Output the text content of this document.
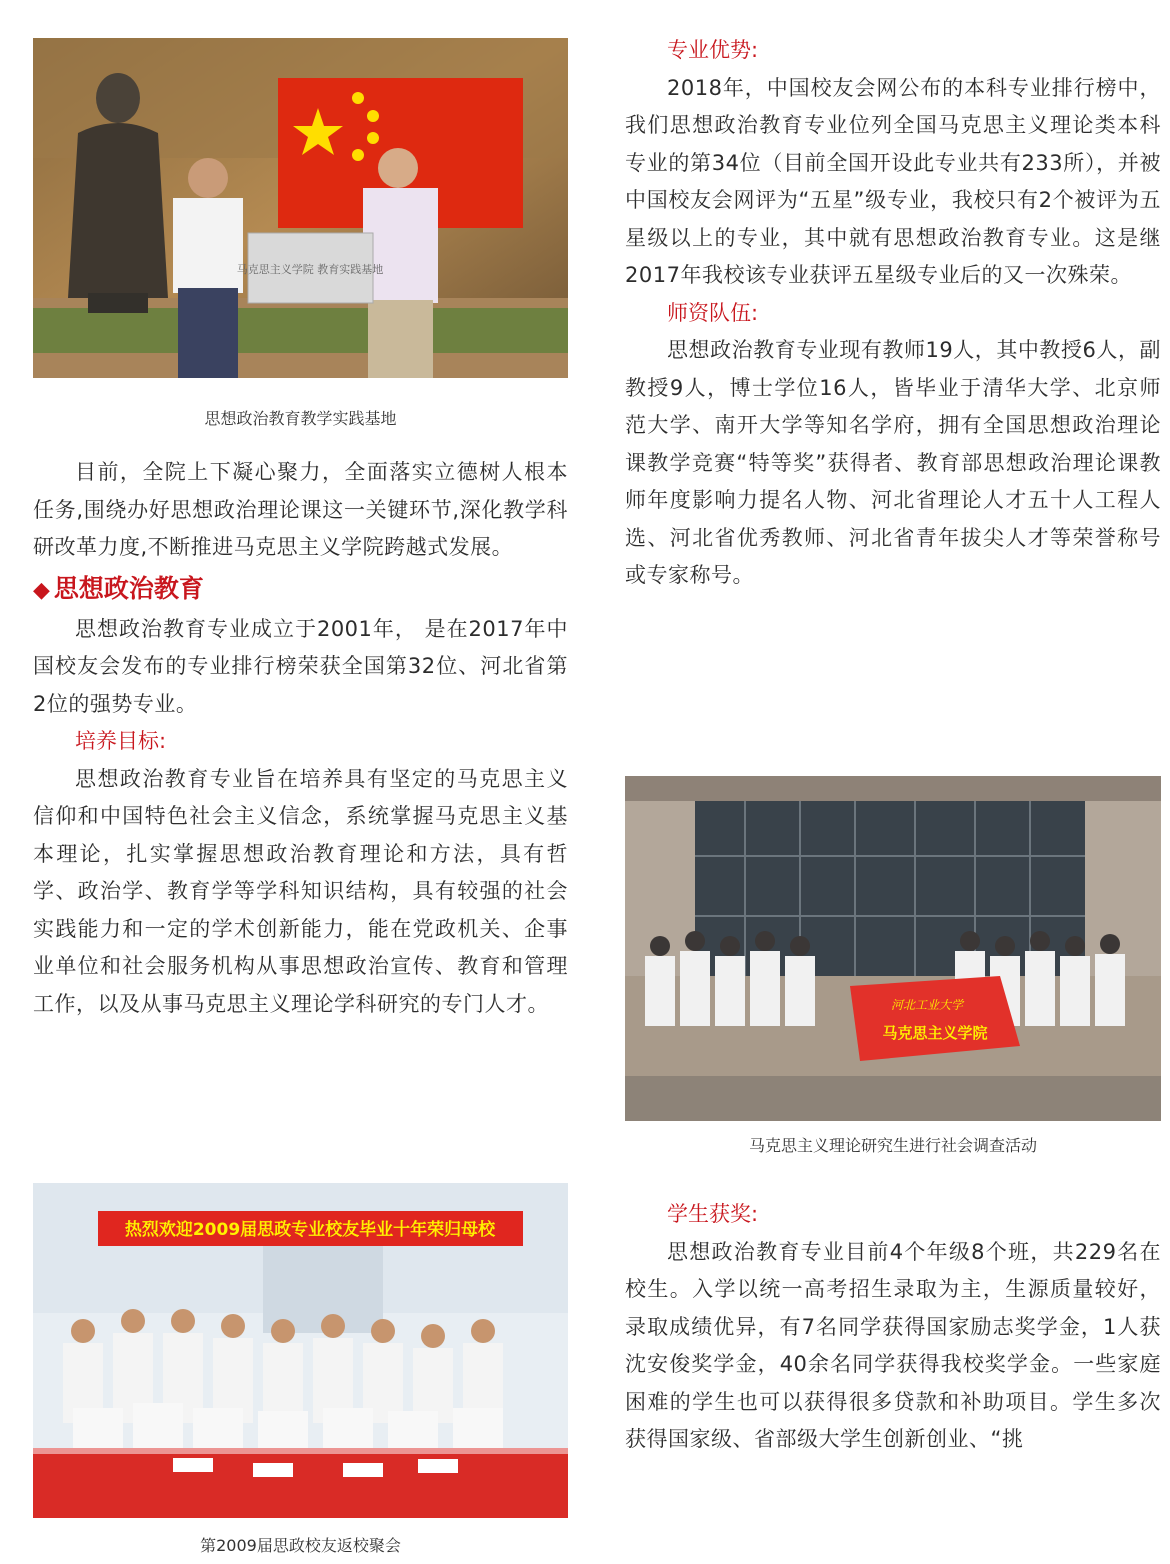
马克思主义学院 教育实践基地
思想政治教育教学实践基地

目前，全院上下凝心聚力，全面落实立德树人根本任务,围绕办好思想政治理论课这一关键环节,深化教学科研改革力度,不断推进马克思主义学院跨越式发展。

◆ 思想政治教育

思想政治教育专业成立于2001年， 是在2017年中国校友会发布的专业排行榜荣获全国第32位、河北省第2位的强势专业。

培养目标:

思想政治教育专业旨在培养具有坚定的马克思主义信仰和中国特色社会主义信念，系统掌握马克思主义基本理论，扎实掌握思想政治教育理论和方法，具有哲学、政治学、教育学等学科知识结构，具有较强的社会实践能力和一定的学术创新能力，能在党政机关、企事业单位和社会服务机构从事思想政治宣传、教育和管理工作，以及从事马克思主义理论学科研究的专门人才。

热烈欢迎2009届思政专业校友毕业十年荣归母校
第2009届思政校友返校聚会

专业优势:

2018年，中国校友会网公布的本科专业排行榜中，我们思想政治教育专业位列全国马克思主义理论类本科专业的第34位（目前全国开设此专业共有233所），并被中国校友会网评为“五星”级专业，我校只有2个被评为五星级以上的专业，其中就有思想政治教育专业。这是继2017年我校该专业获评五星级专业后的又一次殊荣。

师资队伍:

思想政治教育专业现有教师19人，其中教授6人，副教授9人，博士学位16人，皆毕业于清华大学、北京师范大学、南开大学等知名学府，拥有全国思想政治理论课教学竞赛“特等奖”获得者、教育部思想政治理论课教师年度影响力提名人物、河北省理论人才五十人工程人选、河北省优秀教师、河北省青年拔尖人才等荣誉称号或专家称号。

河北工业大学
马克思主义学院
马克思主义理论研究生进行社会调查活动

学生获奖:

思想政治教育专业目前4个年级8个班，共229名在校生。入学以统一高考招生录取为主，生源质量较好，录取成绩优异，有7名同学获得国家励志奖学金，1人获沈安俊奖学金，40余名同学获得我校奖学金。一些家庭困难的学生也可以获得很多贷款和补助项目。学生多次获得国家级、省部级大学生创新创业、“挑
